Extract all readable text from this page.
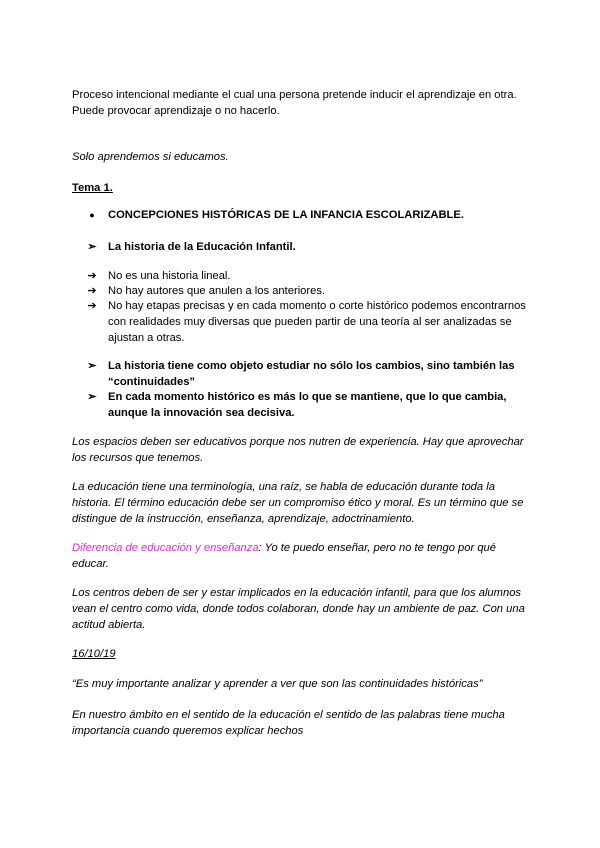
Proceso intencional mediante el cual una persona pretende inducir el aprendizaje en otra. Puede provocar aprendizaje o no hacerlo.

Solo aprendemos si educamos.

Tema 1.

●	CONCEPCIONES HISTÓRICAS DE LA INFANCIA ESCOLARIZABLE.
➢	La historia de la Educación Infantil.
➔	No es una historia lineal.
➔	No hay autores que anulen a los anteriores.
➔	No hay etapas precisas y en cada momento o corte histórico podemos encontrarnos con realidades muy diversas que pueden partir de una teoría al ser analizadas se ajustan a otras.
➢	La historia tiene como objeto estudiar no sólo los cambios, sino también las “continuidades”
➢	En cada momento histórico es más lo que se mantiene, que lo que cambia, aunque la innovación sea decisiva.

Los espacios deben ser educativos porque nos nutren de experiencia. Hay que aprovechar los recursos que tenemos.

La educación tiene una terminología, una raíz, se habla de educación durante toda la historia. El término educación debe ser un compromiso ético y moral. Es un término que se distingue de la instrucción, enseñanza, aprendizaje, adoctrinamiento.

Diferencia de educación y enseñanza: Yo te puedo enseñar, pero no te tengo por qué educar.

Los centros deben de ser y estar implicados en la educación infantil, para que los alumnos vean el centro como vida, donde todos colaboran, donde hay un ambiente de paz. Con una actitud abierta.

16/10/19

“Es muy importante analizar y aprender a ver que son las continuidades históricas”

En nuestro ámbito en el sentido de la educación el sentido de las palabras tiene mucha importancia cuando queremos explicar hechos
